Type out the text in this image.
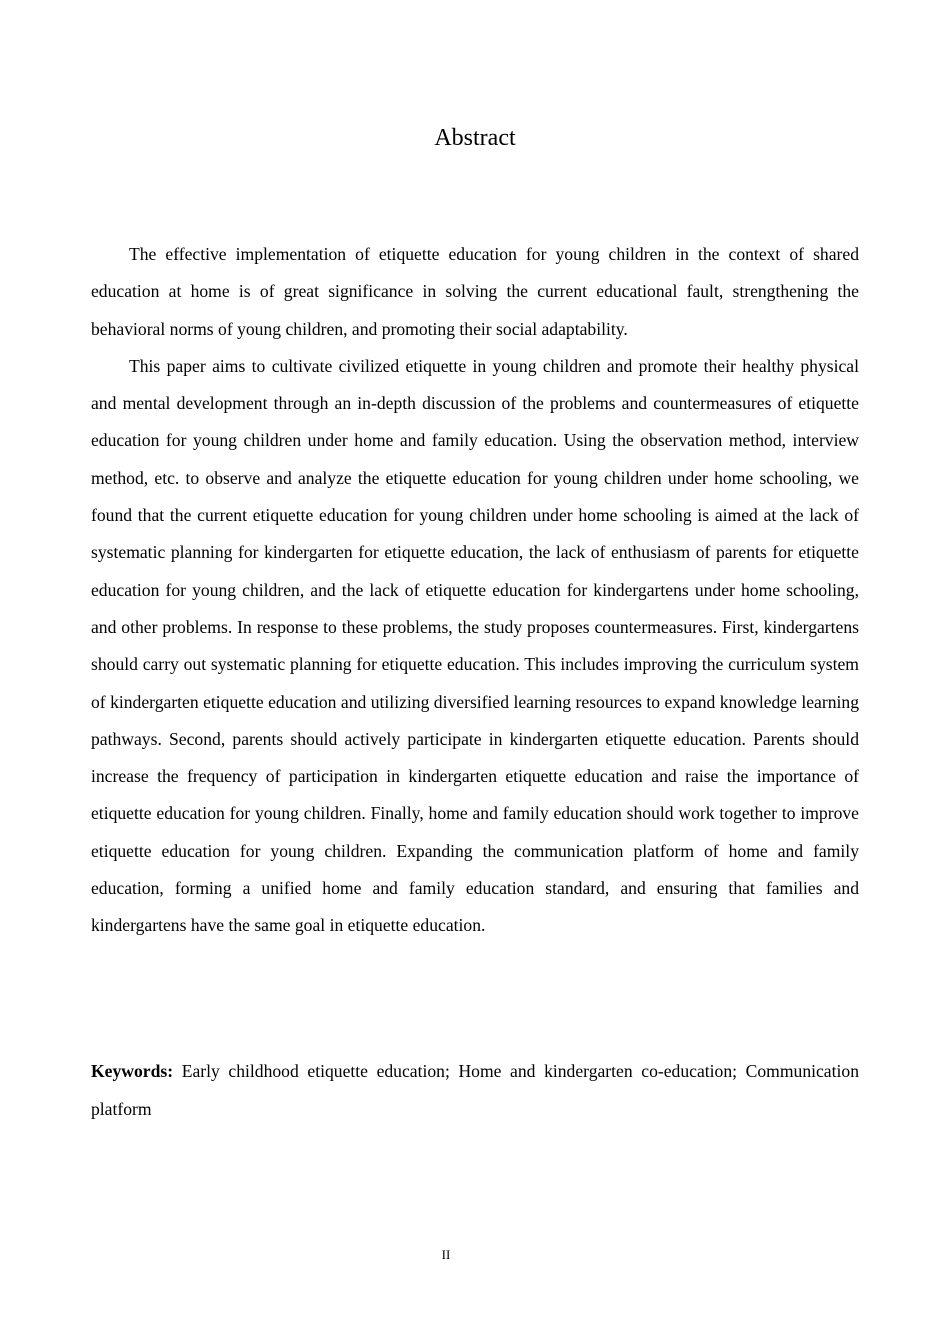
Abstract

The effective implementation of etiquette education for young children in the context of shared education at home is of great significance in solving the current educational fault, strengthening the behavioral norms of young children, and promoting their social adaptability.

This paper aims to cultivate civilized etiquette in young children and promote their healthy physical and mental development through an in-depth discussion of the problems and countermeasures of etiquette education for young children under home and family education. Using the observation method, interview method, etc. to observe and analyze the etiquette education for young children under home schooling, we found that the current etiquette education for young children under home schooling is aimed at the lack of systematic planning for kindergarten for etiquette education, the lack of enthusiasm of parents for etiquette education for young children, and the lack of etiquette education for kindergartens under home schooling, and other problems. In response to these problems, the study proposes countermeasures. First, kindergartens should carry out systematic planning for etiquette education. This includes improving the curriculum system of kindergarten etiquette education and utilizing diversified learning resources to expand knowledge learning pathways. Second, parents should actively participate in kindergarten etiquette education. Parents should increase the frequency of participation in kindergarten etiquette education and raise the importance of etiquette education for young children. Finally, home and family education should work together to improve etiquette education for young children. Expanding the communication platform of home and family education, forming a unified home and family education standard, and ensuring that families and kindergartens have the same goal in etiquette education.

Keywords: Early childhood etiquette education; Home and kindergarten co-education; Communication platform
II
